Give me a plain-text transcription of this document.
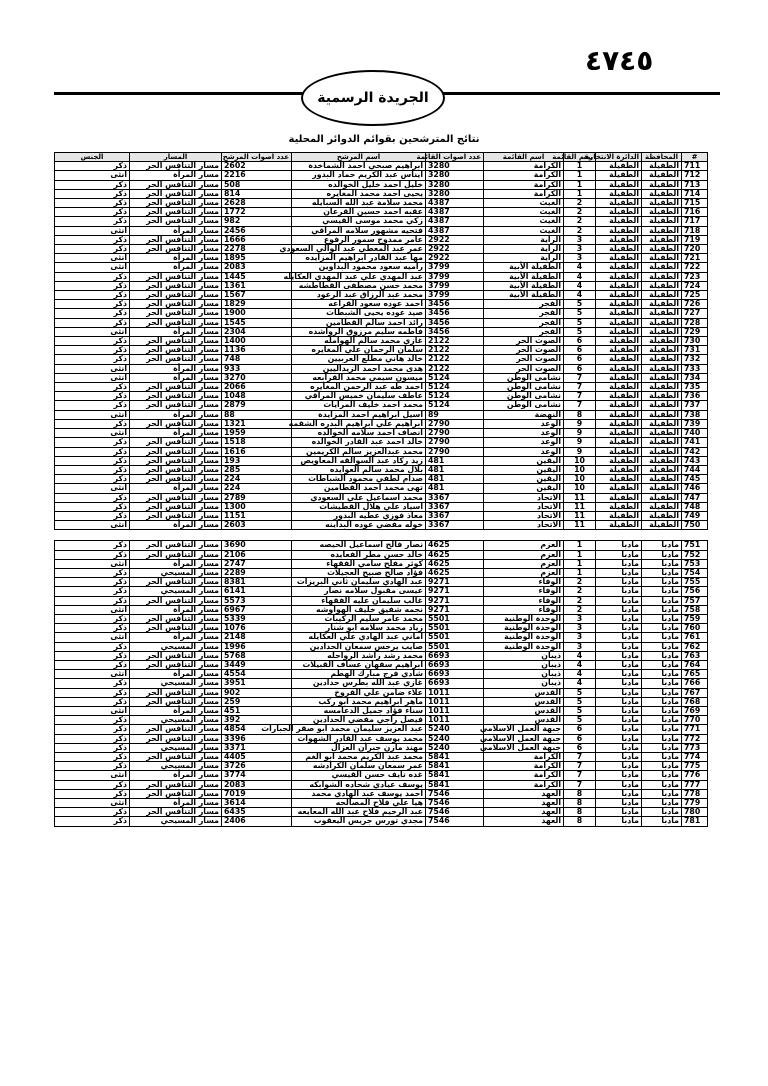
٤٧٤٥
الجريدة الرسمية
نتائج المترشحين بقوائم الدوائر المحلية
#	المحافظة	الدائرة الانتخابية	رقم القائمة	اسم القائمة	عدد اصوات القائمة	اسم المرشح	عدد اصوات المرشح	المسار	الجنس
711	الطفيلة	الطفيلة	1	الكرامة	3280	ابراهيم صبحي احمد الشماخدة	2602	مسار التنافس الحر	ذكر
712	الطفيلة	الطفيلة	1	الكرامة	3280	ايناس عبد الكريم حماد البدور	2216	مسار المرأة	انثى
713	الطفيلة	الطفيلة	1	الكرامة	3280	خليل احمد خليل الخوالده	508	مسار التنافس الحر	ذكر
714	الطفيلة	الطفيلة	1	الكرامة	3280	يحيى احمد محمد المغايره	814	مسار التنافس الحر	ذكر
715	الطفيلة	الطفيلة	2	الغيث	4387	محمد سلامة عبد الله السبايله	2628	مسار التنافس الحر	ذكر
716	الطفيلة	الطفيلة	2	الغيث	4387	عقبه احمد حسين القرعان	1772	مسار التنافس الحر	ذكر
717	الطفيلة	الطفيلة	2	الغيث	4387	زكي محمد موسى القيسي	982	مسار التنافس الحر	ذكر
718	الطفيلة	الطفيلة	2	الغيث	4387	فتحيه مشهور سلامه المراقي	2456	مسار المرأة	انثى
719	الطفيلة	الطفيلة	3	الراية	2922	عامر ممدوح سمور الرفوع	1666	مسار التنافس الحر	ذكر
720	الطفيلة	الطفيلة	3	الراية	2922	عمر عبد المعطي عبد الوالي السعودي	2278	مسار التنافس الحر	ذكر
721	الطفيلة	الطفيلة	3	الراية	2922	مها عبد القادر ابراهيم المزايده	1895	مسار المرأة	انثى
722	الطفيلة	الطفيلة	4	الطفيلة الأبية	3799	راميه سعود محمود البداوين	2083	مسار المرأة	انثى
723	الطفيلة	الطفيلة	4	الطفيلة الأبية	3799	عبد المهدي علي عبد المهدي العكايله	1445	مسار التنافس الحر	ذكر
724	الطفيلة	الطفيلة	4	الطفيلة الأبية	3799	محمد حسن مصطفى القطاطشه	1361	مسار التنافس الحر	ذكر
725	الطفيلة	الطفيلة	4	الطفيلة الأبية	3799	محمد عبد الرزاق عبد الرعود	1567	مسار التنافس الحر	ذكر
726	الطفيلة	الطفيلة	5	الفجر	3456	احمد عوده سعود القراعه	1829	مسار التنافس الحر	ذكر
727	الطفيلة	الطفيلة	5	الفجر	3456	صيد عوده يحيى الشبطات	1900	مسار التنافس الحر	ذكر
728	الطفيلة	الطفيلة	5	الفجر	3456	رائد احمد سالم القطامين	1545	مسار التنافس الحر	ذكر
729	الطفيلة	الطفيلة	5	الفجر	3456	فاطمه سليم مرزوق الرواشده	2304	مسار المرأة	انثى
730	الطفيلة	الطفيلة	6	الصوت الحر	2122	غازي محمد سالم الهوامله	1400	مسار التنافس الحر	ذكر
731	الطفيلة	الطفيلة	6	الصوت الحر	2122	سلمان الرحمان علي المغايره	1136	مسار التنافس الحر	ذكر
732	الطفيلة	الطفيلة	6	الصوت الحر	2122	خالد هاني مطلع العربيين	748	مسار التنافس الحر	ذكر
733	الطفيلة	الطفيلة	6	الصوت الحر	2122	هدى محمد احمد الزيداليين	933	مسار المرأة	انثى
734	الطفيلة	الطفيلة	7	نشامى الوطن	5124	ميسون سيمي محمد القرابعه	3270	مسار المرأة	انثى
735	الطفيلة	الطفيلة	7	نشامى الوطن	5124	احمد طه عبد الرحمن المغايره	2066	مسار التنافس الحر	ذكر
736	الطفيلة	الطفيلة	7	نشامى الوطن	5124	عاطف سليمان خميس المراقي	1048	مسار التنافس الحر	ذكر
737	الطفيلة	الطفيلة	7	نشامى الوطن	5124	محمد احمد خليف المرايات	2879	مسار التنافس الحر	ذكر
738	الطفيلة	الطفيلة	8	النهضة	89	اسيل ابراهيم احمد المزايدة	88	مسار المرأة	انثى
739	الطفيلة	الطفيلة	9	الوعد	2790	ابراهيم علي ابراهيم البدره الشقمه	1321	مسار التنافس الحر	ذكر
740	الطفيلة	الطفيلة	9	الوعد	2790	انصاف احمد سلامه الخوالده	1959	مسار المرأة	انثى
741	الطفيلة	الطفيلة	9	الوعد	2790	خالد احمد عبد القادر الخوالده	1518	مسار التنافس الحر	ذكر
742	الطفيلة	الطفيلة	9	الوعد	2790	محمد عبدالعزيز سالم الكريمين	1616	مسار التنافس الحر	ذكر
743	الطفيلة	الطفيلة	10	اليقين	481	زيد ركاد عبد السوالقه المعاويص	193	مسار التنافس الحر	ذكر
744	الطفيلة	الطفيلة	10	اليقين	481	بلال محمد سالم العوايده	285	مسار التنافس الحر	ذكر
745	الطفيلة	الطفيلة	10	اليقين	481	صدام لطفي محمود الشباطات	224	مسار التنافس الحر	ذكر
746	الطفيلة	الطفيلة	10	اليقين	481	تهى محمد احمد القطامين	224	مسار المرأة	انثى
747	الطفيلة	الطفيلة	11	الاتحاد	3367	محمد اسماعيل علي السعودي	2789	مسار التنافس الحر	ذكر
748	الطفيلة	الطفيلة	11	الاتحاد	3367	اسياد علي هلال القطيشات	1300	مسار التنافس الحر	ذكر
749	الطفيلة	الطفيلة	11	الاتحاد	3367	معاذ فوزي عطيه البدور	1151	مسار التنافس الحر	ذكر
750	الطفيلة	الطفيلة	11	الاتحاد	3367	خوله مفضي عوده البداينه	2603	مسار المرأة	انثى

751	مادبا	مادبا	1	العزم	4625	نصار فالح اسماعيل الحيصه	3690	مسار التنافس الحر	ذكر
752	مادبا	مادبا	1	العزم	4625	خالد حسن مطر الفعايده	2106	مسار التنافس الحر	ذكر
753	مادبا	مادبا	1	العزم	4625	كوثر مفلح سامي الفقهاء	2747	مسار المرأة	انثى
754	مادبا	مادبا	1	العزم	4625	فؤاد صالح صبيح العجيلات	2289	مسار المسيحي	ذكر
755	مادبا	مادبا	2	الوفاء	9271	عبد الهادي سليمان ثاني البريزات	8381	مسار التنافس الحر	ذكر
756	مادبا	مادبا	2	الوفاء	9271	عيسى مقبول سلامه نصار	6141	مسار المسيحي	ذكر
757	مادبا	مادبا	2	الوفاء	9271	غالب سليمان عليه الفقهاء	5573	مسار التنافس الحر	ذكر
758	مادبا	مادبا	2	الوفاء	9271	نجمه شفيق خليف الهواوشه	6967	مسار المرأة	انثى
759	مادبا	مادبا	3	الوحدة الوطنية	5501	محمد عامر سليم الركيبات	5339	مسار التنافس الحر	ذكر
760	مادبا	مادبا	3	الوحدة الوطنية	5501	زياد محمد سلامه ابو شنار	1076	مسار التنافس الحر	ذكر
761	مادبا	مادبا	3	الوحدة الوطنية	5501	اماني عبد الهادي علي العكايله	2148	مسار المرأة	انثى
762	مادبا	مادبا	3	الوحدة الوطنية	5501	صايب يرجس سمعان الحدادين	1996	مسار المسيحي	ذكر
763	مادبا	مادبا	4	ذيبان	6693	محمد رشد راشد الرواحله	5768	مسار التنافس الحر	ذكر
764	مادبا	مادبا	4	ذيبان	6693	ابراهيم سفهان عساف القبيلات	3449	مسار التنافس الحر	ذكر
765	مادبا	مادبا	4	ذيبان	6693	شادي فرج مبارك الهطم	4554	مسار المرأة	انثى
766	مادبا	مادبا	4	ذيبان	6693	غازي عبد الله بطرس حدادين	3951	مسار المسيحي	ذكر
767	مادبا	مادبا	5	القدس	1011	علاء ضامن علي القروخ	902	مسار التنافس الحر	ذكر
768	مادبا	مادبا	5	القدس	1011	ماهر ابراهيم محمد ابو ركب	259	مسار التنافس الحر	ذكر
769	مادبا	مادبا	5	القدس	1011	سناء فؤاد جميل الدعامسه	451	مسار المرأة	انثى
770	مادبا	مادبا	5	القدس	1011	فيصل راجي مفضي الحدادين	392	مسار المسيحي	ذكر
771	مادبا	مادبا	6	جبهة العمل الاسلامي	5240	عبد العزيز سليمان محمد ابو صقر الجبارات	4854	مسار التنافس الحر	ذكر
772	مادبا	مادبا	6	جبهة العمل الاسلامي	5240	محمد يوسف عبد القادر الشهوات	3396	مسار التنافس الحر	ذكر
773	مادبا	مادبا	6	جبهة العمل الاسلامي	5240	مهند مازن جبران العزال	3371	مسار المسيحي	ذكر
774	مادبا	مادبا	7	الكرامة	5841	محمد عبد الكريم محمد ابو الغم	4405	مسار التنافس الحر	ذكر
775	مادبا	مادبا	7	الكرامة	5841	عمر سمعان سلمان الكرادشه	3726	مسار المسيحي	ذكر
776	مادبا	مادبا	7	الكرامة	5841	غده نايف حسن القيسي	3774	مسار المرأة	انثى
777	مادبا	مادبا	7	الكرامة	5841	يوسف عيادي شحاده الشوابكه	2083	مسار التنافس الحر	ذكر
778	مادبا	مادبا	8	العهد	7546	احمد يوسف عبد الهادي محمد	7019	مسار التنافس الحر	ذكر
779	مادبا	مادبا	8	العهد	7546	هيا علي فلاح المصالحه	3614	مسار المرأة	انثى
780	مادبا	مادبا	8	العهد	7546	عبد الرحيم فلاح عبد الله المعايعه	6435	مسار التنافس الحر	ذكر
781	مادبا	مادبا	8	العهد	7546	مجدي تورس جريس اليعقوب	2406	مسار المسيحي	ذكر
